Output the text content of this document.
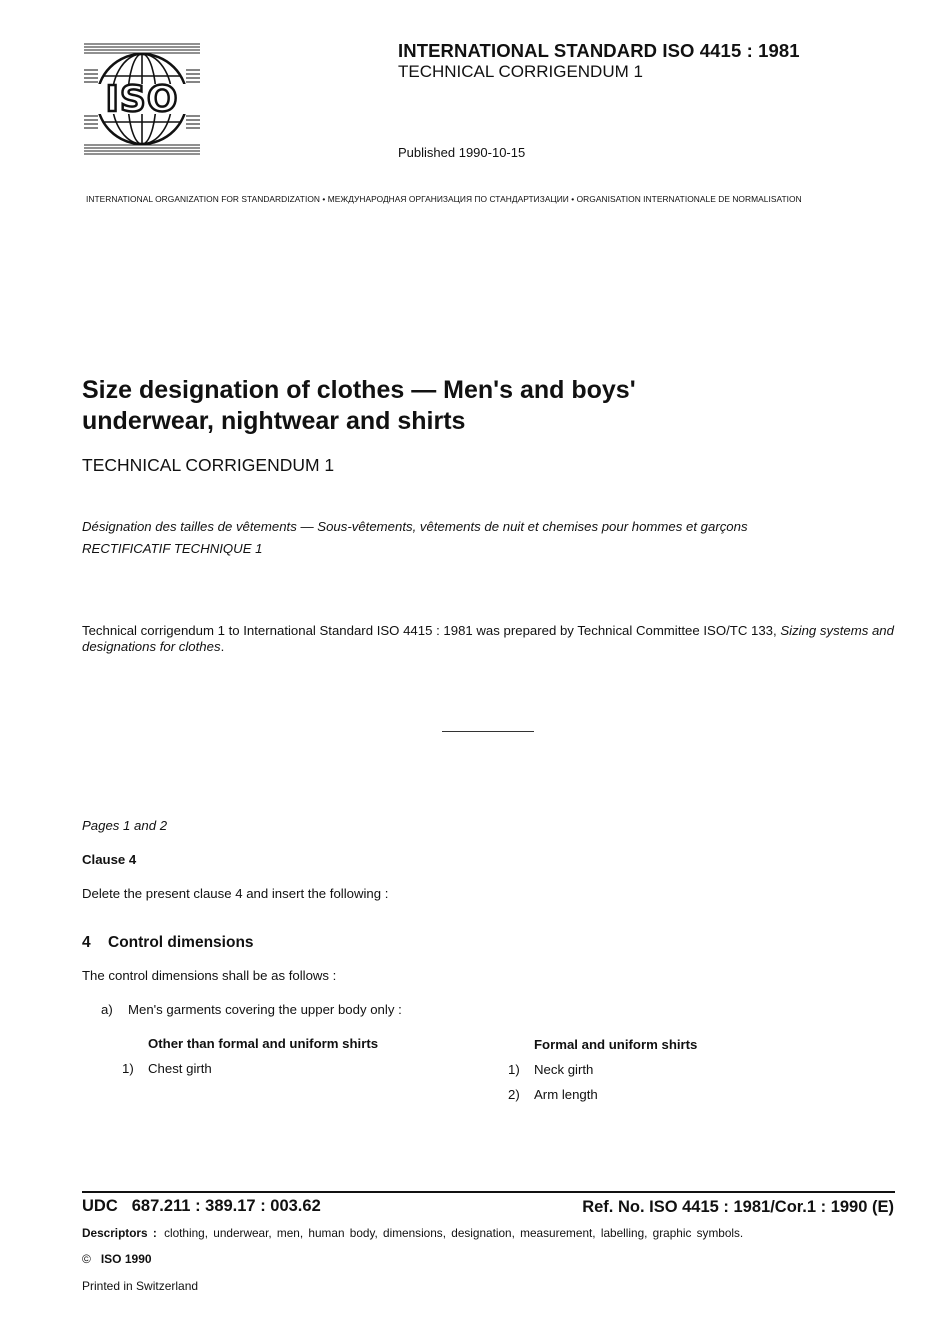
ISO
INTERNATIONAL STANDARD ISO 4415 : 1981
TECHNICAL CORRIGENDUM 1
Published 1990-10-15
INTERNATIONAL ORGANIZATION FOR STANDARDIZATION • МЕЖДУНАРОДНАЯ ОРГАНИЗАЦИЯ ПО СТАНДАРТИЗАЦИИ • ORGANISATION INTERNATIONALE DE NORMALISATION
Size designation of clothes — Men's and boys'
underwear, nightwear and shirts
TECHNICAL CORRIGENDUM 1
Désignation des tailles de vêtements — Sous-vêtements, vêtements de nuit et chemises pour hommes et garçons
RECTIFICATIF TECHNIQUE 1
Technical corrigendum 1 to International Standard ISO 4415 : 1981 was prepared by Technical Committee ISO/TC 133, Sizing systems and designations for clothes.
Pages 1 and 2
Clause 4
Delete the present clause 4 and insert the following :
4 Control dimensions
The control dimensions shall be as follows :
a) Men's garments covering the upper body only :
Other than formal and uniform shirts
1) Chest girth
Formal and uniform shirts
1) Neck girth
2) Arm length
UDC 687.211 : 389.17 : 003.62	Ref. No. ISO 4415 : 1981/Cor.1 : 1990 (E)
Descriptors : clothing, underwear, men, human body, dimensions, designation, measurement, labelling, graphic symbols.
© ISO 1990
Printed in Switzerland
